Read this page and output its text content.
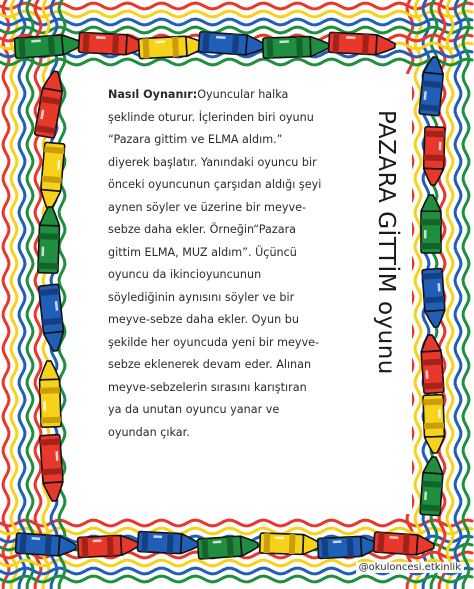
Nasıl Oynanır:Oyuncular halka
şeklinde oturur. İçlerinden biri oyunu
“Pazara gittim ve ELMA aldım.”
diyerek başlatır. Yanındaki oyuncu bir
önceki oyuncunun çarşıdan aldığı şeyi
aynen söyler ve üzerine bir meyve-
sebze daha ekler. Örneğin“Pazara
gittim ELMA, MUZ aldım”. Üçüncü
oyuncu da ikincioyuncunun
söylediğinin aynısını söyler ve bir
meyve-sebze daha ekler. Oyun bu
şekilde her oyuncuda yeni bir meyve-
sebze eklenerek devam eder. Alınan
meyve-sebzelerin sırasını karıştıran
ya da unutan oyuncu yanar ve
oyundan çıkar.
PAZARA GİTTİM oyunu
@okuloncesi.etkinlik
